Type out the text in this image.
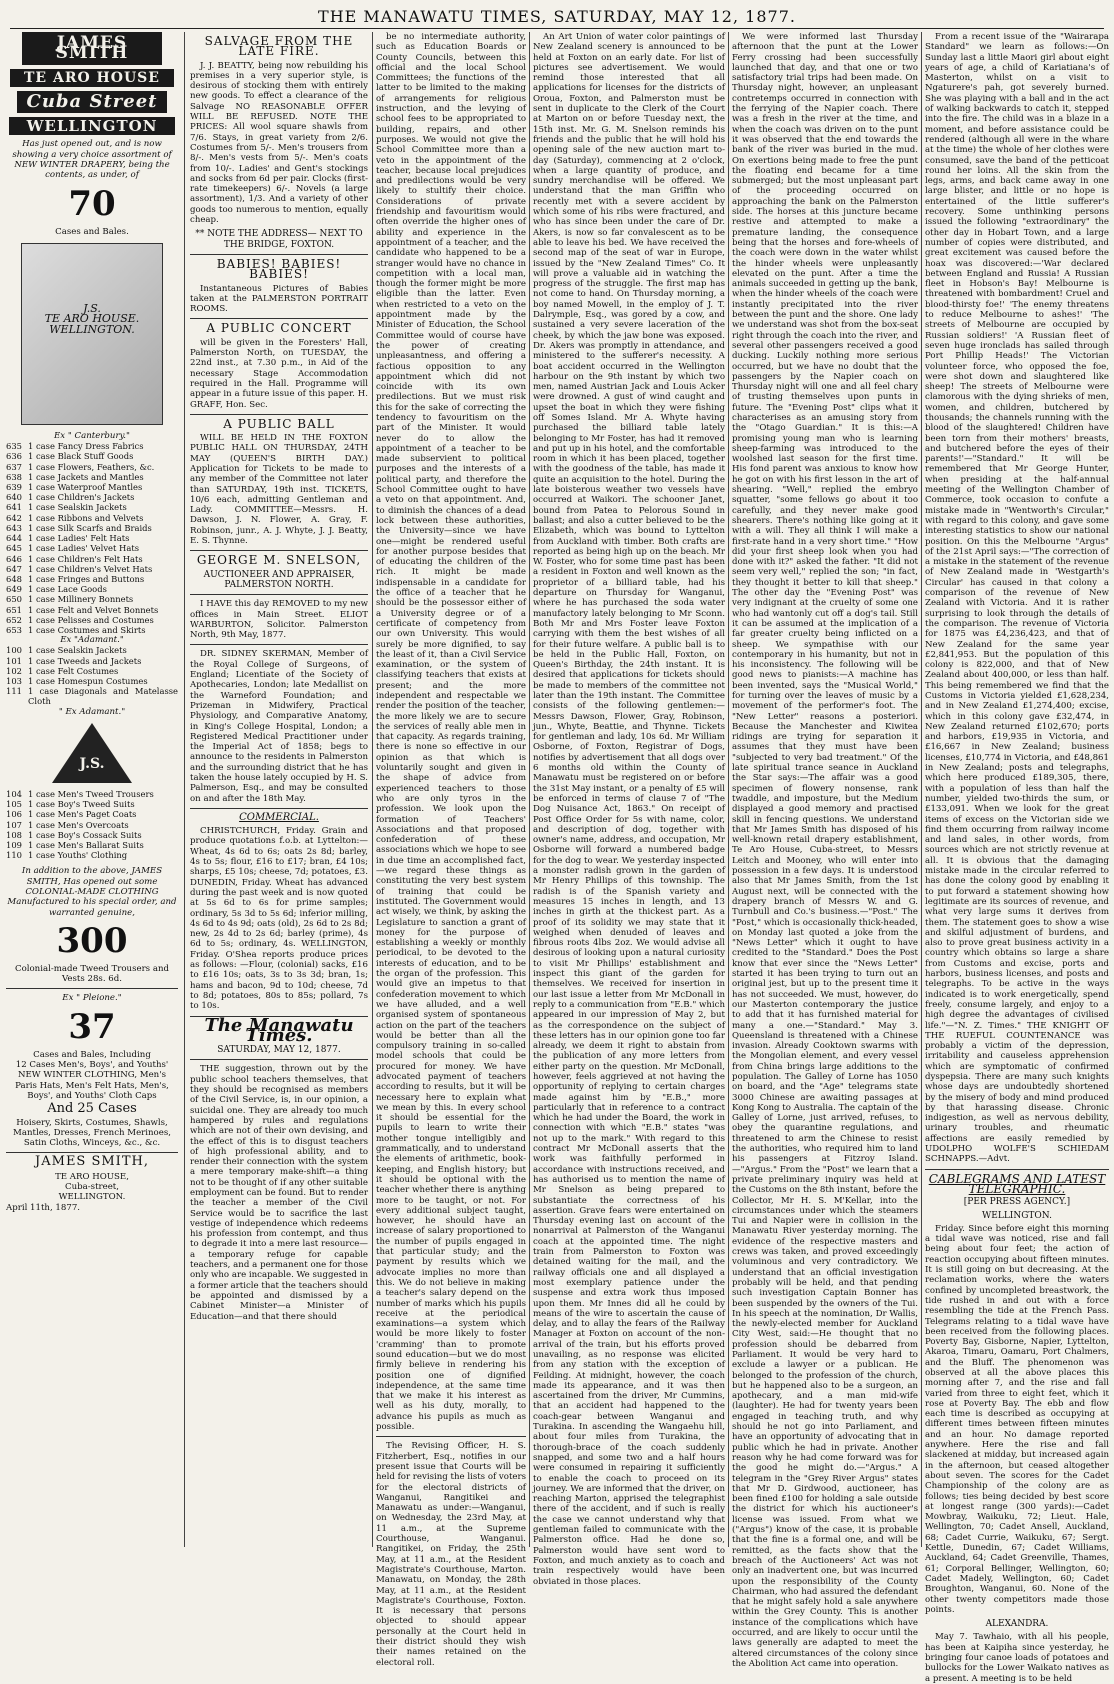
THE MANAWATU TIMES, SATURDAY, MAY 12, 1877.
JAMES SMITH
TE ARO HOUSE
Cuba Street
WELLINGTON
Has just opened out, and is now showing a very choice assortment of NEW WINTER DRAPERY, being the contents, as under, of
70
Cases and Bales.
J.S.
TE ARO HOUSE.
WELLINGTON.
Ex " Canterbury."
635 1 case Fancy Dress Fabrics
636 1 case Black Stuff Goods
637 1 case Flowers, Feathers, &c.
638 1 case Jackets and Mantles
639 1 case Waterproof Mantles
640 1 case Children's Jackets
641 1 case Sealskin Jackets
642 1 case Ribbons and Velvets
643 1 case Silk Scarfs and Braids
644 1 case Ladies' Felt Hats
645 1 case Ladies' Velvet Hats
646 1 case Children's Felt Hats
647 1 case Children's Velvet Hats
648 1 case Fringes and Buttons
649 1 case Lace Goods
650 1 case Millinery Bonnets
651 1 case Felt and Velvet Bonnets
652 1 case Pelisses and Costumes
653 1 case Costumes and Skirts
Ex "Adamant."
100 1 case Sealskin Jackets
101 1 case Tweeds and Jackets
102 1 case Felt Costumes
103 1 case Homespun Costumes
111 1 case Diagonals and Matelasse Cloth
" Ex Adamant."
J.S.
104 1 case Men's Tweed Trousers
105 1 case Boy's Tweed Suits
106 1 case Men's Paget Coats
107 1 case Men's Overcoats
108 1 case Boy's Cossack Suits
109 1 case Men's Ballarat Suits
110 1 case Youths' Clothing
In addition to the above, JAMES SMITH, Has opened out some COLONIAL-MADE CLOTHING Manufactured to his special order, and warranted genuine,
300
Colonial-made Tweed Trousers and Vests 28s. 6d.
Ex " Pleione."
37
Cases and Bales, Including
12 Cases Men's, Boys', and Youths' NEW WINTER CLOTHING, Men's Paris Hats, Men's Felt Hats, Men's, Boys', and Youths' Cloth Caps
And 25 Cases
Hoisery, Skirts, Costumes, Shawls, Mantles, Dresses, French Merinoes, Satin Cloths, Winceys, &c., &c.
JAMES SMITH,
TE ARO HOUSE,
Cuba-street,
WELLINGTON.
April 11th, 1877.
SALVAGE FROM THE LATE FIRE.

J. J. BEATTY, being now rebuilding his premises in a very superior style, is desirous of stocking them with entirely new goods. To effect a clearance of the Salvage NO REASONABLE OFFER WILL BE REFUSED. NOTE THE PRICES: All wool square shawls from 7/6. Stays, in great variety from 2/6. Costumes from 5/-. Men's trousers from 8/-. Men's vests from 5/-. Men's coats from 10/-. Ladies' and Gent's stockings and socks from 6d per pair. Clocks (first-rate timekeepers) 6/-. Novels (a large assortment), 1/3. And a variety of other goods too numerous to mention, equally cheap.

** NOTE THE ADDRESS— NEXT TO THE BRIDGE, FOXTON.
BABIES! BABIES! BABIES!

Instantaneous Pictures of Babies taken at the PALMERSTON PORTRAIT ROOMS.

A PUBLIC CONCERT

will be given in the Foresters' Hall, Palmerston North, on TUESDAY, the 22nd inst., at 7.30 p.m., in Aid of the necessary Stage Accommodation required in the Hall. Programme will appear in a future issue of this paper. H. GRAFF, Hon. Sec.

A PUBLIC BALL

WILL BE HELD IN THE FOXTON PUBLIC HALL ON THURSDAY, 24TH MAY (QUEEN'S BIRTH DAY.) Application for Tickets to be made to any member of the Committee not later than SATURDAY, 19th inst. TICKETS, 10/6 each, admitting Gentleman and Lady. COMMITTEE—Messrs. H. Dawson, J. N. Flower, A. Gray, F. Robinson, junr., A. J. Whyte, J. J. Beatty, E. S. Thynne.

GEORGE M. SNELSON,
AUCTIONEER AND APPRAISER, PALMERSTON NORTH.

I HAVE this day REMOVED to my new offices in Main Street. ELIOT WARBURTON, Solicitor. Palmerston North, 9th May, 1877.

DR. SIDNEY SKERMAN, Member of the Royal College of Surgeons, of England; Licentiate of the Society of Apothecaries, London; late Medallist on the Warneford Foundation; and Prizeman in Midwifery, Practical Physiology, and Comparative Anatomy, in King's College Hospital, London; a Registered Medical Practitioner under the Imperial Act of 1858; begs to announce to the residents in Palmerston and the surrounding district that he has taken the house lately occupied by H. S. Palmerson, Esq., and may be consulted on and after the 18th May.

COMMERCIAL.

CHRISTCHURCH, Friday. Grain and produce quotations f.o.b. at Lyttelton:—Wheat, 4s 6d to 6s; oats 2s 8d; barley, 4s to 5s; flour, £16 to £17; bran, £4 10s; sharps, £5 10s; cheese, 7d; potatoes, £3. DUNEDIN, Friday. Wheat has advanced during the past week and is now quoted at 5s 6d to 6s for prime samples; ordinary, 5s 3d to 5s 6d; inferior milling, 4s 6d to 4s 9d; oats (old), 2s 6d to 2s 8d; new, 2s 4d to 2s 6d; barley (prime), 4s 6d to 5s; ordinary, 4s. WELLINGTON, Friday. O'Shea reports produce prices as follows: —Flour, (colonial) sacks, £16 to £16 10s; oats, 3s to 3s 3d; bran, 1s; hams and bacon, 9d to 10d; cheese, 7d to 8d; potatoes, 80s to 85s; pollard, 7s to 10s.

The Manawatu Times.
SATURDAY, MAY 12, 1877.

THE suggestion, thrown out by the public school teachers themselves, that they should be recognised as members of the Civil Service, is, in our opinion, a suicidal one. They are already too much hampered by rules and regulations which are not of their own devising, and the effect of this is to disgust teachers of high professional ability, and to render their connection with the system a mere temporary make-shift—a thing not to be thought of if any other suitable employment can be found. But to render the teacher a member of the Civil Service would be to sacrifice the last vestige of independence which redeems his profession from contempt, and thus to degrade it into a mere last resource—a temporary refuge for capable teachers, and a permanent one for those only who are incapable. We suggested in a former article that the teachers should be appointed and dismissed by a Cabinet Minister—a Minister of Education—and that there should

be no intermediate authority, such as Education Boards or County Councils, between this official and the local School Committees; the functions of the latter to be limited to the making of arrangements for religious instruction, and the levying of school fees to be appropriated to building, repairs, and other purposes. We would not give the School Committee more than a veto in the appointment of the teacher, because local prejudices and predilections would be very likely to stultify their choice. Considerations of private friendship and favouritism would often override the higher ones of ability and experience in the appointment of a teacher, and the candidate who happened to be a stranger would have no chance in competition with a local man, though the former might be more eligible than the latter. Even when restricted to a veto on the appointment made by the Minister of Education, the School Committee would of course have the power of creating unpleasantness, and offering a factious opposition to any appointment which did not coincide with its own predilections. But we must risk this for the sake of correcting the tendency to favouritism on the part of the Minister. It would never do to allow the appointment of a teacher to be made subservient to political purposes and the interests of a political party, and therefore the School Committee ought to have a veto on that appointment. And, to diminish the chances of a dead lock between these authorities, the University—since we have one—might be rendered useful for another purpose besides that of educating the children of the rich. It might be made indispensable in a candidate for the office of a teacher that he should be the possessor either of a University degree or of a certificate of competency from our own University. This would surely be more dignified, to say the least of it, than a Civil Service examination, or the system of classifying teachers that exists at present; and the more independent and respectable we render the position of the teacher, the more likely we are to secure the services of really able men in that capacity. As regards training, there is none so effective in our opinion as that which is voluntarily sought and given in the shape of advice from experienced teachers to those who are only tyros in the profession. We look upon the formation of Teachers' Associations and that proposed confederation of these associations which we hope to see in due time an accomplished fact,—we regard these things as constituting the very best system of training that could be instituted. The Government would act wisely, we think, by asking the Legislature to sanction a grant of money for the purpose of establishing a weekly or monthly periodical, to be devoted to the interests of education, and to be the organ of the profession. This would give an impetus to that confederation movement to which we have alluded, and a well organised system of spontaneous action on the part of the teachers would be better than all the compulsory training in so-called model schools that could be procured for money. We have advocated payment of teachers according to results, but it will be necessary here to explain what we mean by this. In every school it should be essential for the pupils to learn to write their mother tongue intelligibly and grammatically, and to understand the elements of arithmetic, book-keeping, and English history; but it should be optional with the teacher whether there is anything more to be taught, or not. For every additional subject taught, however, he should have an increase of salary proportioned to the number of pupils engaged in that particular study; and the payment by results which we advocate implies no more than this. We do not believe in making a teacher's salary depend on the number of marks which his pupils receive at the periodical examinations—a system which would be more likely to foster 'cramming' than to promote sound education—but we do most firmly believe in rendering his position one of dignified independence, at the same time that we make it his interest as well as his duty, morally, to advance his pupils as much as possible.

The Revising Officer, H. S. Fitzherbert, Esq., notifies in our present issue that Courts will be held for revising the lists of voters for the electoral districts of Wanganui, Rangitikei and Manawatu as under:—Wanganui, on Wednesday, the 23rd May, at 11 a.m., at the Supreme Courthouse, Wanganui. Rangitikei, on Friday, the 25th May, at 11 a.m., at the Resident Magistrate's Courthouse, Marton. Manawatu, on Monday, the 28th May, at 11 a.m., at the Resident Magistrate's Courthouse, Foxton. It is necessary that persons objected to should appear personally at the Court held in their district should they wish their names retained on the electoral roll.

An Art Union of water color paintings of New Zealand scenery is announced to be held at Foxton on an early date. For list of pictures see advertisement. We would remind those interested that all applications for licenses for the districts of Oroua, Foxton, and Palmerston must be sent in duplicate to the Clerk of the Court at Marton on or before Tuesday next, the 15th inst. Mr. G. M. Snelson reminds his friends and the public that he will hold his opening sale of the new auction mart to-day (Saturday), commencing at 2 o'clock, when a large quantity of produce, and sundry merchandise will be offered. We understand that the man Griffin who recently met with a severe accident by which some of his ribs were fractured, and who has since been under the care of Dr. Akers, is now so far convalescent as to be able to leave his bed. We have received the second map of the seat of war in Europe, issued by the "New Zealand Times" Co. It will prove a valuable aid in watching the progress of the struggle. The first map has not come to hand. On Thursday morning, a boy named Mowell, in the employ of J. T. Dalrymple, Esq., was gored by a cow, and sustained a very severe laceration of the cheek, by which the jaw bone was exposed. Dr. Akers was promptly in attendance, and ministered to the sufferer's necessity. A boat accident occurred in the Wellington harbour on the 9th instant by which two men, named Austrian Jack and Louis Acker were drowned. A gust of wind caught and upset the boat in which they were fishing off Somes Island. Mr A. Whyte having purchased the billiard table lately belonging to Mr Foster, has had it removed and put up in his hotel, and the comfortable room in which it has been placed, together with the goodness of the table, has made it quite an acquisition to the hotel. During the late boisterous weather two vessels have occurred at Waikori. The schooner Janet, bound from Patea to Pelorous Sound in ballast; and also a cutter believed to be the Elizabeth, which was bound to Lyttelton from Auckland with timber. Both crafts are reported as being high up on the beach. Mr W. Foster, who for some time past has been a resident in Foxton and well known as the proprietor of a billiard table, had his departure on Thursday for Wanganui, where he has purchased the soda water manufactory lately belonging to Mr Sconn. Both Mr and Mrs Foster leave Foxton carrying with them the best wishes of all for their future welfare. A public ball is to be held in the Public Hall, Foxton, on Queen's Birthday, the 24th instant. It is desired that applications for tickets should be made to members of the committee not later than the 19th instant. The Committee consists of the following gentlemen:—Messrs Dawson, Flower, Gray, Robinson, jun., Whyte, Beattie, and Thynne. Tickets for gentleman and lady, 10s 6d. Mr William Osborne, of Foxton, Registrar of Dogs, notifies by advertisement that all dogs over 6 months old within the County of Manawatu must be registered on or before the 31st May instant, or a penalty of £5 will be enforced in terms of clause 7 of "The Dog Nuisance Act, 1863." On receipt of Post Office Order for 5s with name, color, and description of dog, together with owner's name, address, and occupation, Mr Osborne will forward a numbered badge for the dog to wear. We yesterday inspected a monster radish grown in the garden of Mr Henry Phillips of this township. The radish is of the Spanish variety and measures 15 inches in length, and 13 inches in girth at the thickest part. As a proof of its solidity we may state that it weighed when denuded of leaves and fibrous roots 4lbs 2oz. We would advise all desirous of looking upon a natural curiosity to visit Mr Phillips' establishment and inspect this giant of the garden for themselves. We received for insertion in our last issue a letter from Mr McDonall in reply to a communication from "E.B." which appeared in our impression of May 2, but as the correspondence on the subject of these letters has in our opinion gone too far already, we deem it right to abstain from the publication of any more letters from either party on the question. Mr McDonall, however, feels aggrieved at not having the opportunity of replying to certain charges made against him by "E.B.," more particularly that in reference to a contract which he had under the Board, the work in connection with which "E.B." states "was not up to the mark." With regard to this contract Mr McDonall asserts that the work was faithfully performed in accordance with instructions received, and has authorised us to mention the name of Mr Snelson as being prepared to substantiate the correctness of his assertion. Grave fears were entertained on Thursday evening last on account of the nonarrival at Palmerston of the Wanganui coach at the appointed time. The night train from Palmerston to Foxton was detained waiting for the mail, and the railway officials one and all displayed a most exemplary patience under the suspense and extra work thus imposed upon them. Mr Innes did all he could by means of the wire to ascertain the cause of delay, and to allay the fears of the Railway Manager at Foxton on account of the non-arrival of the train, but his efforts proved unavailing, as no response was elicited from any station with the exception of Feilding. At midnight, however, the coach made its appearance, and it was then ascertained from the driver, Mr Cummins, that an accident had happened to the coach-gear between Wanganui and Turakina. In ascending the Wangaehu hill, about four miles from Turakina, the thorough-brace of the coach suddenly snapped, and some two and a half hours were consumed in repairing it sufficiently to enable the coach to proceed on its journey. We are informed that the driver, on reaching Marton, apprised the telegraphist there of the accident, and if such is really the case we cannot understand why that gentleman failed to communicate with the Palmerston office. Had he done so, Palmerston would have sent word to Foxton, and much anxiety as to coach and train respectively would have been obviated in those places.

We were informed last Thursday afternoon that the punt at the Lower Ferry crossing had been successfully launched that day, and that one or two satisfactory trial trips had been made. On Thursday night, however, an unpleasant contretemps occurred in connection with the ferrying of the Napier coach. There was a fresh in the river at the time, and when the coach was driven on to the punt it was observed that the end towards the bank of the river was buried in the mud. On exertions being made to free the punt the floating end became for a time submerged; but the most unpleasant part of the proceeding occurred on approaching the bank on the Palmerston side. The horses at this juncture became restive and attempted to make a premature landing, the consequence being that the horses and fore-wheels of the coach were down in the water whilst the hinder wheels were unpleasantly elevated on the punt. After a time the animals succeeded in getting up the bank, when the hinder wheels of the coach were instantly precipitated into the river between the punt and the shore. One lady we understand was shot from the box-seat right through the coach into the river, and several other passengers received a good ducking. Luckily nothing more serious occurred, but we have no doubt that the passengers by the Napier coach on Thursday night will one and all feel chary of trusting themselves upon punts in future. The "Evening Post" clips what it characterises as an amusing story from the "Otago Guardian." It is this:—A promising young man who is learning sheep-farming was introduced to the woolshed last season for the first time. His fond parent was anxious to know how he got on with his first lesson in the art of shearing. "Well," replied the embryo squatter, "some fellows go about it too carefully, and they never make good shearers. There's nothing like going at it with a will. They all think I will make a first-rate hand in a very short time." "How did your first sheep look when you had done with it?" asked the father. "It did not seem very well," replied the son; "in fact, they thought it better to kill that sheep." The other day the "Evening Post" was very indignant at the cruelty of some one who had wantonly cut off a dog's tail. Still it can be assumed at the implication of a far greater cruelty being inflicted on a sheep. We sympathise with our contemporary in his humanity, but not in his inconsistency. The following will be good news to pianists:—A machine has been invented, says the "Musical World," for turning over the leaves of music by a movement of the performer's foot. The "New Letter" reasons a posteriori. Because the Manchester and Kiwitea ridings are trying for separation it assumes that they must have been "subjected to very bad treatment." Of the late spiritual trance seance in Auckland the Star says:—The affair was a good specimen of flowery nonsense, rank twaddle, and imposture, but the Medium displayed a good memory and practised skill in fencing questions. We understand that Mr James Smith has disposed of his well-known retail drapery establishment, Te Aro House, Cuba-street, to Messrs Leitch and Mooney, who will enter into possession in a few days. It is understood also that Mr James Smith, from the 1st August next, will be connected with the drapery branch of Messrs W. and G. Turnbull and Co.'s business.—"Post." The "Post," which is occasionally thick-headed, on Monday last quoted a joke from the "News Letter" which it ought to have credited to the "Standard." Does the Post know that ever since the "News Letter" started it has been trying to turn out an original jest, but up to the present time it has not succeeded. We must, however, do our Masterton contemporary the justice to add that it has furnished material for many a one.—"Standard." May 3. Queensland is threatened with a Chinese invasion. Already Cooktown swarms with the Mongolian element, and every vessel from China brings large additions to the population. The Galley of Lorne has 1050 on board, and the "Age" telegrams state 3000 Chinese are awaiting passages at Kong Kong to Australia. The captain of the Galley of Lorne, just arrived, refuses, to obey the quarantine regulations, and threatened to arm the Chinese to resist the authorities, who required him to land his passengers at Fitzroy Island.—"Argus." From the "Post" we learn that a private preliminary inquiry was held at the Customs on the 8th instant, before the Collector, Mr H. S. M'Kellar, into the circumstances under which the steamers Tui and Napier were in collision in the Manawatu River yesterday morning. The evidence of the respective masters and crews was taken, and proved exceedingly voluminous and very contradictory. We understand that an official investigation probably will be held, and that pending such investigation Captain Bonner has been suspended by the owners of the Tui. In his speech at the nomination, Dr Wallis, the newly-elected member for Auckland City West, said:—He thought that no profession should be debarred from Parliament. It would be very hard to exclude a lawyer or a publican. He belonged to the profession of the church, but he happened also to be a surgeon, an apothecary, and a man mid-wife (laughter). He had for twenty years been engaged in teaching truth, and why should he not go into Parliament, and have an opportunity of advocating that in public which he had in private. Another reason why he had come forward was for the good he might do.—"Argus." A telegram in the "Grey River Argus" states that Mr D. Girdwood, auctioneer, has been fined £100 for holding a sale outside the district for which his auctioneer's license was issued. From what we ("Argus") know of the case, it is probable that the fine is a formal one, and will be remitted, as the facts show that the breach of the Auctioneers' Act was not only an inadvertent one, but was incurred upon the responsibility of the County Chairman, who had assured the defendant that he might safely hold a sale anywhere within the Grey County. This is another instance of the complications which have occurred, and are likely to occur until the laws generally are adapted to meet the altered circumstances of the colony since the Abolition Act came into operation.

From a recent issue of the "Wairarapa Standard" we learn as follows:—On Sunday last a little Maori girl about eight years of age, a child of Kariatiana's of Masterton, whilst on a visit to Ngaturere's pah, got severely burned. She was playing with a ball and in the act of walking backwards to catch it, stepped into the fire. The child was in a blaze in a moment, and before assistance could be rendered (although all were in the whare at the time) the whole of her clothes were consumed, save the band of the petticoat round her loins. All the skin from the legs, arms, and back came away in one large blister, and little or no hope is entertained of the little sufferer's recovery. Some unthinking persons issued the following "extraordinary" the other day in Hobart Town, and a large number of copies were distributed, and great excitement was caused before the hoax was discovered:—'War declared between England and Russia! A Russian fleet in Hobson's Bay! Melbourne is threatened with bombardment! Cruel and blood-thirsty foe!' 'The enemy threatens to reduce Melbourne to ashes!' 'The streets of Melbourne are occupied by Russian soldiers!' 'A Russian fleet of seven huge ironclads has sailed through Port Phillip Heads!' The Victorian volunteer force, who opposed the foe, were shot down and slaughtered like sheep! The streets of Melbourne were clamorous with the dying shrieks of men, women, and children, butchered by thousands; the channels running with the blood of the slaughtered! Children have been torn from their mothers' breasts, and butchered before the eyes of their parents!'—"Standard." It will be remembered that Mr George Hunter, when presiding at the half-annual meeting of the Wellington Chamber of Commerce, took occasion to confute a mistake made in "Wentworth's Circular," with regard to this colony, and gave some interesting statistics to show our national position. On this the Melbourne "Argus" of the 21st April says:—"The correction of a mistake in the statement of the revenue of New Zealand made in 'Westgarth's Circular' has caused in that colony a comparison of the revenue of New Zealand with Victoria. And it is rather surprising to look through the details of the comparison. The revenue of Victoria for 1875 was £4,236,423, and that of New Zealand for the same year £2,841,953. But the population of this colony is 822,000, and that of New Zealand about 400,000, or less than half. This being remembered we find that the Customs in Victoria yielded £1,628,234, and in New Zealand £1,274,400; excise, which in this colony gave £32,474, in New Zealand returned £102,670; ports and harbors, £19,935 in Victoria, and £16,667 in New Zealand; business licenses, £10,774 in Victoria, and £48,861 in New Zealand; posts and telegraphs, which here produced £189,305, there, with a population of less than half the number, yielded two-thirds the sum, or £133,091. When we look for the great items of excess on the Victorian side we find them occurring from railway income and land sales, in other words, from sources which are not strictly revenue at all. It is obvious that the damaging mistake made in the circular referred to has done the colony good by enabling it to put forward a statement showing how legitimate are its sources of revenue, and what very large sums it derives from them. The statement goes to show a wise and skilful adjustment of burdens, and also to prove great business activity in a country which obtains so large a share from Customs and excise, ports and harbors, business licenses, and posts and telegraphs. To be active in the ways indicated is to work energetically, spend freely, consume largely, and enjoy to a high degree the advantages of civilised life."—"N. Z. Times." THE KNIGHT OF THE RUEFUL COUNTENANCE was probably a victim of the depression, irritability and causeless apprehension which are symptomatic of confirmed dyspepsia. There are many such knights whose days are undoubtedly shortened by the misery of body and mind produced by that harassing disease. Chronic indigestion, as well as nervous debility, urinary troubles, and rheumatic affections are easily remedied by UDOLPHO WOLFE'S SCHIEDAM SCHNAPPS.—Advt.

CABLEGRAMS AND LATEST TELEGRAPHIC.
[PER PRESS AGENCY.]
WELLINGTON.

Friday. Since before eight this morning a tidal wave was noticed, rise and fall being about four feet; the action of reaction occupying about fifteen minutes. It is still going on but decreasing. At the reclamation works, where the waters confined by uncompleted breastwork, the tide rushed in and out with a force resembling the tide at the French Pass. Telegrams relating to a tidal wave have been received from the following places. Poverty Bay, Gisborne, Napier, Lyttelton, Akaroa, Timaru, Oamaru, Port Chalmers, and the Bluff. The phenomenon was observed at all the above places this morning after 7, and the rise and fall varied from three to eight feet, which it rose at Poverty Bay. The ebb and flow each time is described as occupying at different times between fifteen minutes and an hour. No damage reported anywhere. Here the rise and fall slackened at midday, but increased again in the afternoon, but ceased altogether about seven. The scores for the Cadet Championship of the colony are as follows; ties being decided by best score at longest range (300 yards):—Cadet Mowbray, Waikuku, 72; Lieut. Hale, Wellington, 70; Cadet Ansell, Auckland, 68; Cadet Currie, Waikuku, 67; Sergt. Kettle, Dunedin, 67; Cadet Williams, Auckland, 64; Cadet Greenville, Thames, 61; Corporal Bellinger, Wellington, 60; Cadet Madely, Wellington, 60; Cadet Broughton, Wanganui, 60. None of the other twenty competitors made those points.

ALEXANDRA.

May 7. Tawhaio, with all his people, has been at Kaipiha since yesterday, he bringing four canoe loads of potatoes and bullocks for the Lower Waikato natives as a present. A meeting is to be held
